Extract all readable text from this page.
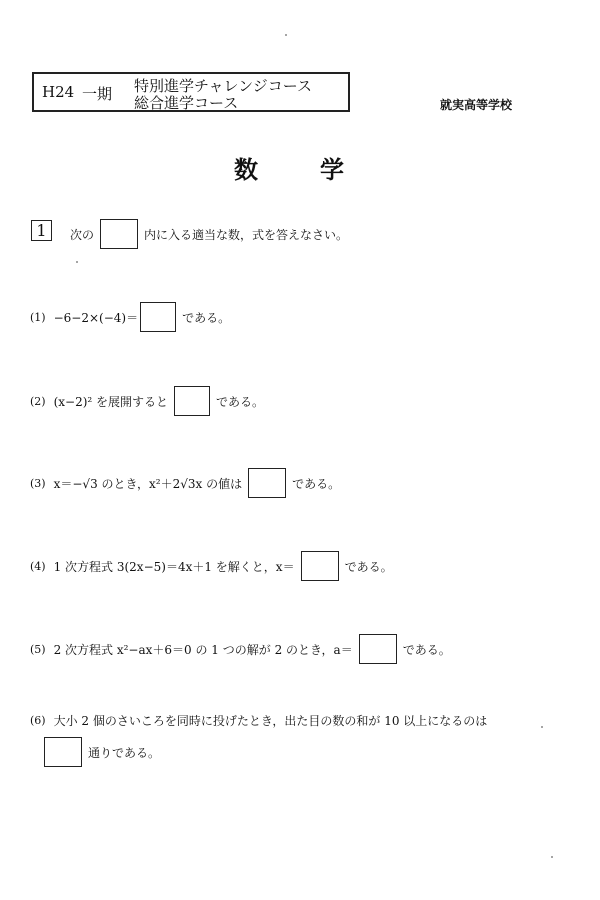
H24 一期 特別進学チャレンジコース
総合進学コース	就実高等学校
数学
1	次の	内に入る適当な数，式を答えなさい。
(1) −6−2×(−4)＝	である。
(2) (x−2)² を展開すると	である。
(3) x＝−√3 のとき，x²＋2√3x の値は	である。
(4) 1 次方程式 3(2x−5)＝4x＋1 を解くと，x＝	である。
(5) 2 次方程式 x²−ax＋6＝0 の 1 つの解が 2 のとき，a＝	である。
(6) 大小 2 個のさいころを同時に投げたとき，出た目の数の和が 10 以上になるのは
通りである。
